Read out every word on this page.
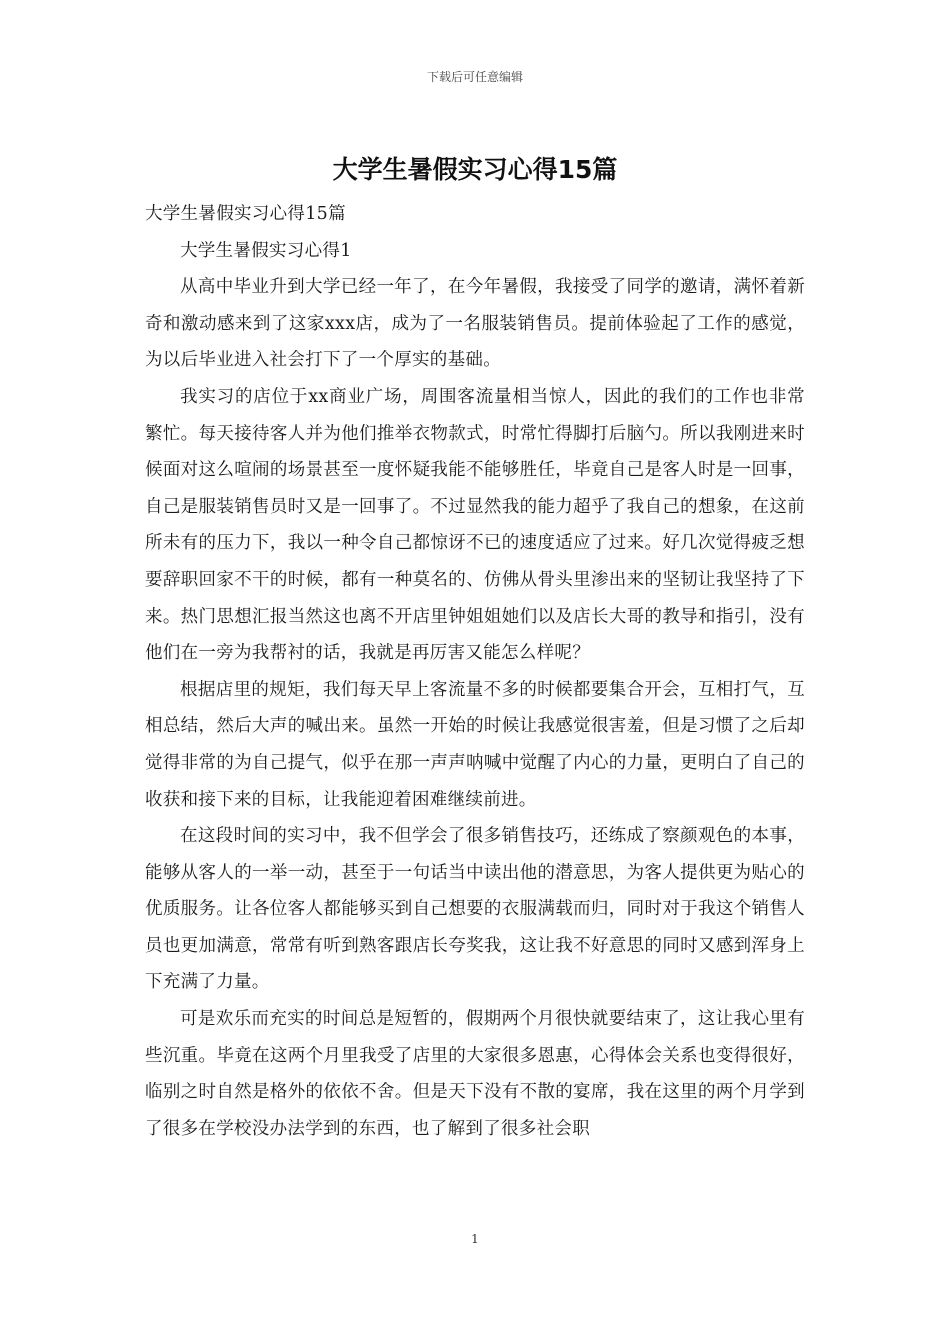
下载后可任意编辑
大学生暑假实习心得15篇

大学生暑假实习心得15篇

大学生暑假实习心得1

从高中毕业升到大学已经一年了，在今年暑假，我接受了同学的邀请，满怀着新奇和激动感来到了这家xxx店，成为了一名服装销售员。提前体验起了工作的感觉，为以后毕业进入社会打下了一个厚实的基础。

我实习的店位于xx商业广场，周围客流量相当惊人，因此的我们的工作也非常繁忙。每天接待客人并为他们推举衣物款式，时常忙得脚打后脑勺。所以我刚进来时候面对这么喧闹的场景甚至一度怀疑我能不能够胜任，毕竟自己是客人时是一回事，自己是服装销售员时又是一回事了。不过显然我的能力超乎了我自己的想象，在这前所未有的压力下，我以一种令自己都惊讶不已的速度适应了过来。好几次觉得疲乏想要辞职回家不干的时候，都有一种莫名的、仿佛从骨头里渗出来的坚韧让我坚持了下来。热门思想汇报当然这也离不开店里钟姐姐她们以及店长大哥的教导和指引，没有他们在一旁为我帮衬的话，我就是再厉害又能怎么样呢？

根据店里的规矩，我们每天早上客流量不多的时候都要集合开会，互相打气，互相总结，然后大声的喊出来。虽然一开始的时候让我感觉很害羞，但是习惯了之后却觉得非常的为自己提气，似乎在那一声声呐喊中觉醒了内心的力量，更明白了自己的收获和接下来的目标，让我能迎着困难继续前进。

在这段时间的实习中，我不但学会了很多销售技巧，还练成了察颜观色的本事，能够从客人的一举一动，甚至于一句话当中读出他的潜意思，为客人提供更为贴心的优质服务。让各位客人都能够买到自己想要的衣服满载而归，同时对于我这个销售人员也更加满意，常常有听到熟客跟店长夸奖我，这让我不好意思的同时又感到浑身上下充满了力量。

可是欢乐而充实的时间总是短暂的，假期两个月很快就要结束了，这让我心里有些沉重。毕竟在这两个月里我受了店里的大家很多恩惠，心得体会关系也变得很好，临别之时自然是格外的依依不舍。但是天下没有不散的宴席，我在这里的两个月学到了很多在学校没办法学到的东西，也了解到了很多社会职

1
